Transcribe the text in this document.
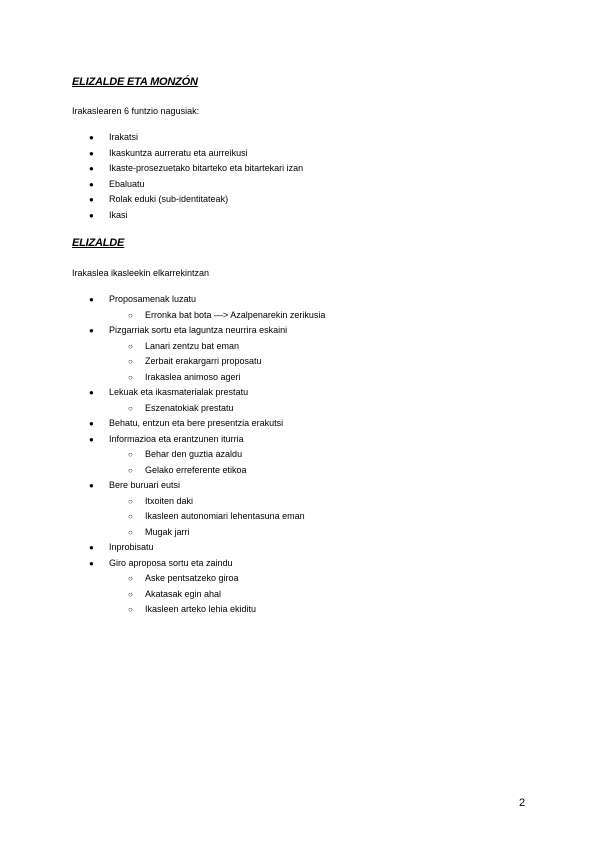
ELIZALDE ETA MONZÓN
Irakaslearen 6 funtzio nagusiak:
● Irakatsi
● Ikaskuntza aurreratu eta aurreikusi
● Ikaste-prosezuetako bitarteko eta bitartekari izan
● Ebaluatu
● Rolak eduki (sub-identitateak)
● Ikasi
ELIZALDE
Irakaslea ikasleekin elkarrekintzan
● Proposamenak luzatu
○ Erronka bat bota —> Azalpenarekin zerikusia
● Pizgarriak sortu eta laguntza neurrira eskaini
○ Lanari zentzu bat eman
○ Zerbait erakargarri proposatu
○ Irakaslea animoso ageri
● Lekuak eta ikasmaterialak prestatu
○ Eszenatokiak prestatu
● Behatu, entzun eta bere presentzia erakutsi
● Informazioa eta erantzunen iturria
○ Behar den guztia azaldu
○ Gelako erreferente etikoa
● Bere buruari eutsi
○ Itxoiten daki
○ Ikasleen autonomiari lehentasuna eman
○ Mugak jarri
● Inprobisatu
● Giro aproposa sortu eta zaindu
○ Aske pentsatzeko giroa
○ Akatasak egin ahal
○ Ikasleen arteko lehia ekiditu
2
